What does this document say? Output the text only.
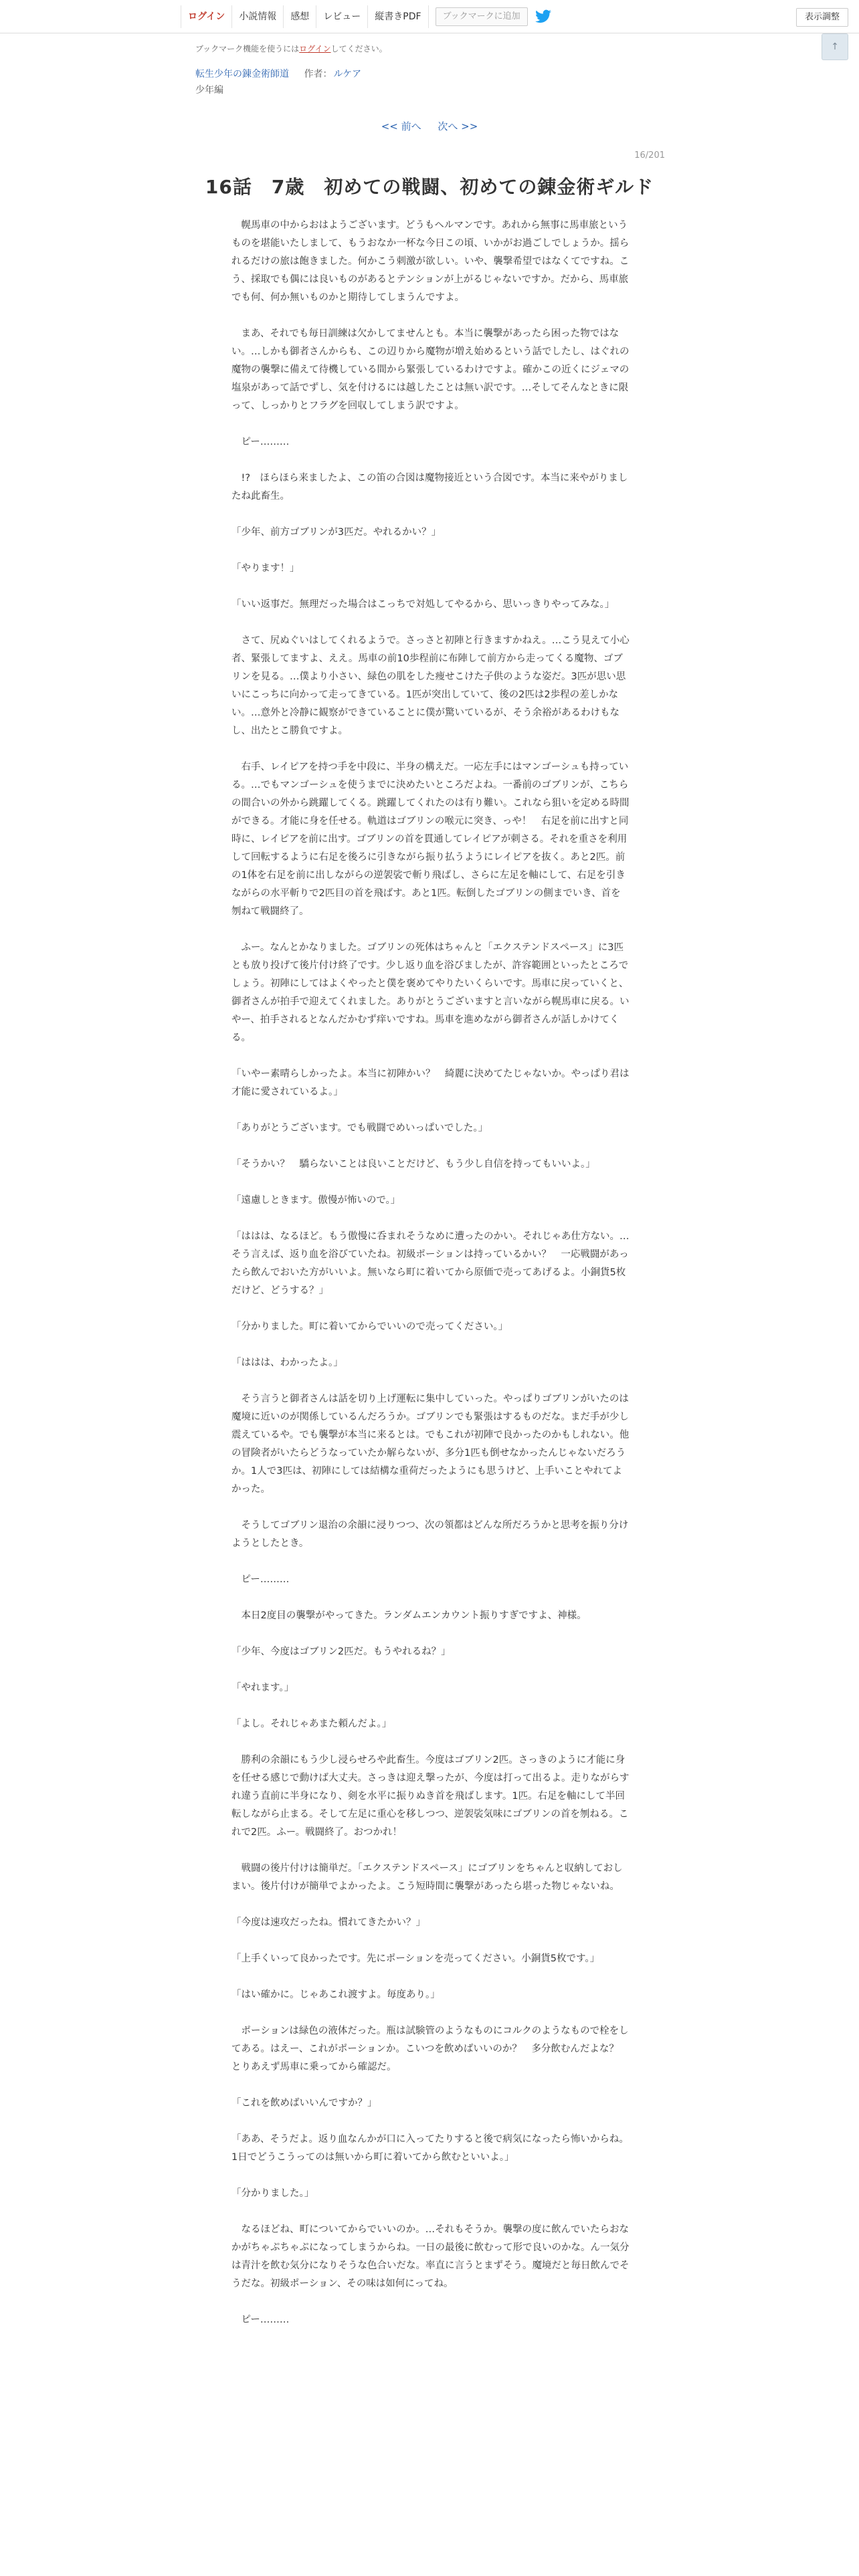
ログイン	小説情報	感想	レビュー	縦書きPDF	ブックマークに追加	表示調整
↑
ブックマーク機能を使うにはログインしてください。
転生少年の錬金術師道 作者： ルケア
少年編
<< 前へ 次へ >>
16/201
16話　7歳　初めての戦闘、初めての錬金術ギルド

　幌馬車の中からおはようございます。どうもヘルマンです。あれから無事に馬車旅というものを堪能いたしまして、もうおなか一杯な今日この頃、いかがお過ごしでしょうか。揺られるだけの旅は飽きました。何かこう刺激が欲しい。いや、襲撃希望ではなくてですね。こう、採取でも偶には良いものがあるとテンションが上がるじゃないですか。だから、馬車旅でも何、何か無いものかと期待してしまうんですよ。

　まあ、それでも毎日訓練は欠かしてませんとも。本当に襲撃があったら困った物ではない。…しかも御者さんからも、この辺りから魔物が増え始めるという話でしたし、はぐれの魔物の襲撃に備えて待機している間から緊張しているわけですよ。確かこの近くにジェマの塩泉があって話でずし、気を付けるには越したことは無い訳です。…そしてそんなときに限って、しっかりとフラグを回収してしまう訳ですよ。

　ピー………

　!?　ほらほら来ましたよ、この笛の合図は魔物接近という合図です。本当に来やがりましたね此畜生。

「少年、前方ゴブリンが3匹だ。やれるかい？」

「やります！」

「いい返事だ。無理だった場合はこっちで対処してやるから、思いっきりやってみな。」

　さて、尻ぬぐいはしてくれるようで。さっさと初陣と行きますかねえ。…こう見えて小心者、緊張してますよ、ええ。馬車の前10歩程前に布陣して前方から走ってくる魔物、ゴブリンを見る。…僕より小さい、緑色の肌をした痩せこけた子供のような姿だ。3匹が思い思いにこっちに向かって走ってきている。1匹が突出していて、後の2匹は2歩程の差しかない。…意外と冷静に観察ができていることに僕が驚いているが、そう余裕があるわけもなし、出たとこ勝負ですよ。

　右手、レイピアを持つ手を中段に、半身の構えだ。一応左手にはマンゴーシュも持っている。…でもマンゴーシュを使うまでに決めたいところだよね。一番前のゴブリンが、こちらの間合いの外から跳躍してくる。跳躍してくれたのは有り難い。これなら狙いを定める時間ができる。才能に身を任せる。軌道はゴブリンの喉元に突き、っや！　右足を前に出すと同時に、レイピアを前に出す。ゴブリンの首を貫通してレイピアが刺さる。それを重さを利用して回転するように右足を後ろに引きながら振り払うようにレイピアを抜く。あと2匹。前の1体を右足を前に出しながらの逆袈裟で斬り飛ばし、さらに左足を軸にして、右足を引きながらの水平斬りで2匹目の首を飛ばす。あと1匹。転倒したゴブリンの側までいき、首を刎ねて戦闘終了。

　ふー。なんとかなりました。ゴブリンの死体はちゃんと「エクステンドスペース」に3匹とも放り投げて後片付け終了です。少し返り血を浴びましたが、許容範囲といったところでしょう。初陣にしてはよくやったと僕を褒めてやりたいくらいです。馬車に戻っていくと、御者さんが拍手で迎えてくれました。ありがとうございますと言いながら幌馬車に戻る。いやー、拍手されるとなんだかむず痒いですね。馬車を進めながら御者さんが話しかけてくる。

「いやー素晴らしかったよ。本当に初陣かい？　綺麗に決めてたじゃないか。やっぱり君は才能に愛されているよ。」

「ありがとうございます。でも戦闘でめいっぱいでした。」

「そうかい？　驕らないことは良いことだけど、もう少し自信を持ってもいいよ。」

「遠慮しときます。傲慢が怖いので。」

「ははは、なるほど。もう傲慢に呑まれそうなめに遭ったのかい。それじゃあ仕方ない。…そう言えば、返り血を浴びていたね。初級ポーションは持っているかい？　一応戦闘があったら飲んでおいた方がいいよ。無いなら町に着いてから原価で売ってあげるよ。小銅貨5枚だけど、どうする？」

「分かりました。町に着いてからでいいので売ってください。」

「ははは、わかったよ。」

　そう言うと御者さんは話を切り上げ運転に集中していった。やっぱりゴブリンがいたのは魔境に近いのが関係しているんだろうか。ゴブリンでも緊張はするものだな。まだ手が少し震えているや。でも襲撃が本当に来るとは。でもこれが初陣で良かったのかもしれない。他の冒険者がいたらどうなっていたか解らないが、多分1匹も倒せなかったんじゃないだろうか。1人で3匹は、初陣にしては結構な重荷だったようにも思うけど、上手いことやれてよかった。

　そうしてゴブリン退治の余韻に浸りつつ、次の領都はどんな所だろうかと思考を振り分けようとしたとき。

　ピー………

　本日2度目の襲撃がやってきた。ランダムエンカウント振りすぎですよ、神様。

「少年、今度はゴブリン2匹だ。もうやれるね？」

「やれます。」

「よし。それじゃあまた頼んだよ。」

　勝利の余韻にもう少し浸らせろや此畜生。今度はゴブリン2匹。さっきのように才能に身を任せる感じで動けば大丈夫。さっきは迎え撃ったが、今度は打って出るよ。走りながらすれ違う直前に半身になり、剣を水平に振りぬき首を飛ばします。1匹。右足を軸にして半回転しながら止まる。そして左足に重心を移しつつ、逆袈裟気味にゴブリンの首を刎ねる。これで2匹。ふー。戦闘終了。おつかれ！

　戦闘の後片付けは簡単だ。「エクステンドスペース」にゴブリンをちゃんと収納しておしまい。後片付けが簡単でよかったよ。こう短時間に襲撃があったら堪った物じゃないね。

「今度は速攻だったね。慣れてきたかい？」

「上手くいって良かったです。先にポーションを売ってください。小銅貨5枚です。」

「はい確かに。じゃあこれ渡すよ。毎度あり。」

　ポーションは緑色の液体だった。瓶は試験管のようなものにコルクのようなもので栓をしてある。はえー、これがポーションか。こいつを飲めばいいのか？　多分飲むんだよな？　とりあえず馬車に乗ってから確認だ。

「これを飲めばいいんですか？」

「ああ、そうだよ。返り血なんかが口に入ってたりすると後で病気になったら怖いからね。1日でどうこうってのは無いから町に着いてから飲むといいよ。」

「分かりました。」

　なるほどね、町についてからでいいのか。…それもそうか。襲撃の度に飲んでいたらおなかがちゃぷちゃぷになってしまうからね。一日の最後に飲むって形で良いのかな。ん一気分は青汁を飲む気分になりそうな色合いだな。率直に言うとまずそう。魔境だと毎日飲んでそうだな。初級ポーション、その味は如何にってね。

　ピー………
